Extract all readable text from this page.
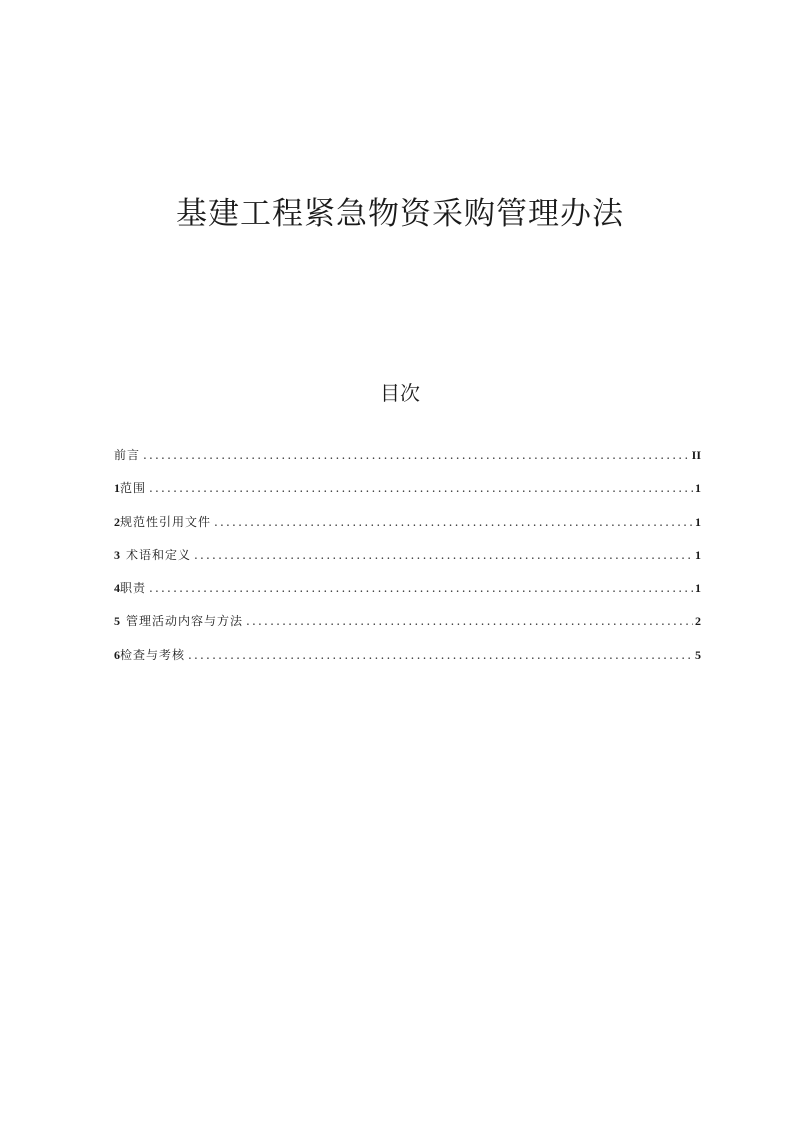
基建工程紧急物资采购管理办法
目次
前言 .....	II
1 范围 .....	1
2 规范性引用文件 .....	1
3 术语和定义 .....	1
4 职责 .....	1
5 管理活动内容与方法 .....	2
6 检查与考核 .....	5
